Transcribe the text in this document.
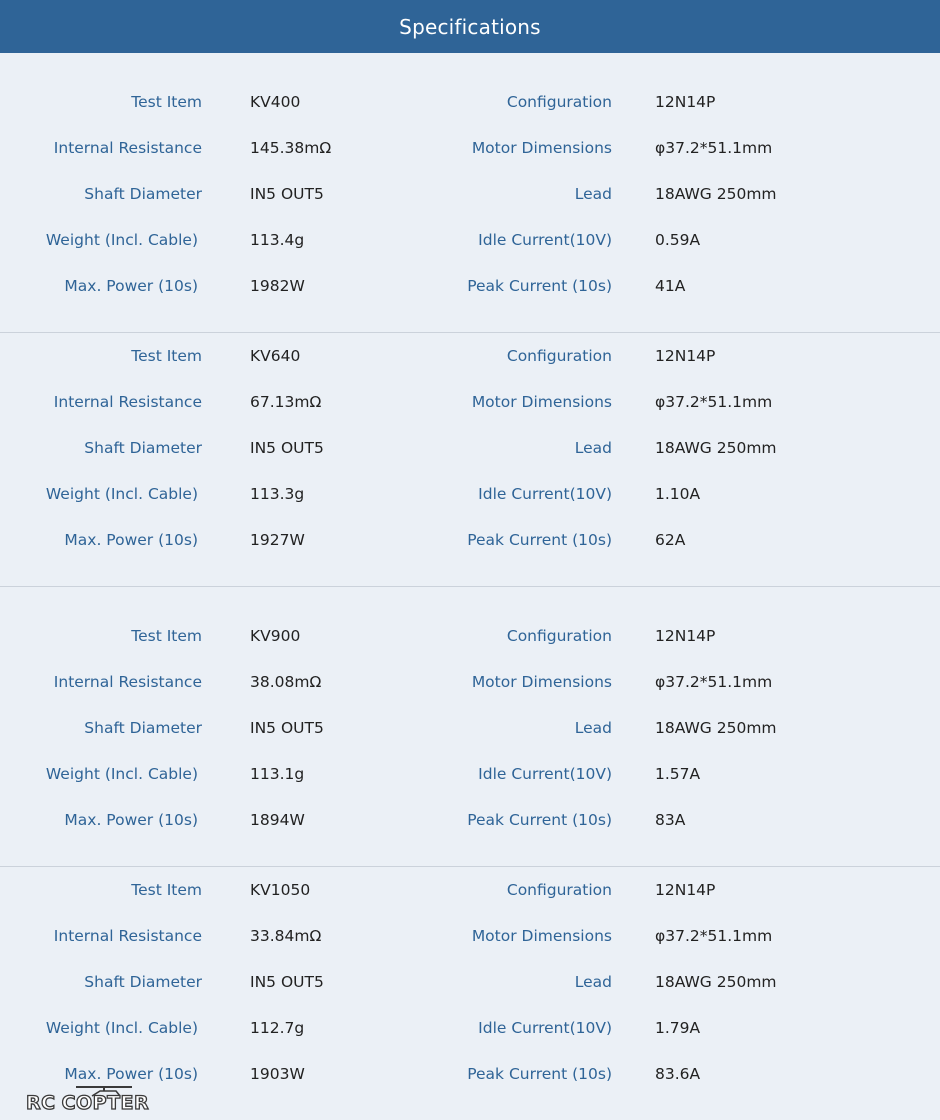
Specifications
Test Item	KV400	Configuration	12N14P
Internal Resistance	145.38mΩ	Motor Dimensions	φ37.2*51.1mm
Shaft Diameter	IN5 OUT5	Lead	18AWG 250mm
Weight (Incl. Cable)	113.4g	Idle Current(10V)	0.59A
Max. Power (10s)	1982W	Peak Current (10s)	41A
Test Item	KV640	Configuration	12N14P
Internal Resistance	67.13mΩ	Motor Dimensions	φ37.2*51.1mm
Shaft Diameter	IN5 OUT5	Lead	18AWG 250mm
Weight (Incl. Cable)	113.3g	Idle Current(10V)	1.10A
Max. Power (10s)	1927W	Peak Current (10s)	62A
Test Item	KV900	Configuration	12N14P
Internal Resistance	38.08mΩ	Motor Dimensions	φ37.2*51.1mm
Shaft Diameter	IN5 OUT5	Lead	18AWG 250mm
Weight (Incl. Cable)	113.1g	Idle Current(10V)	1.57A
Max. Power (10s)	1894W	Peak Current (10s)	83A
Test Item	KV1050	Configuration	12N14P
Internal Resistance	33.84mΩ	Motor Dimensions	φ37.2*51.1mm
Shaft Diameter	IN5 OUT5	Lead	18AWG 250mm
Weight (Incl. Cable)	112.7g	Idle Current(10V)	1.79A
Max. Power (10s)	1903W	Peak Current (10s)	83.6A
RC COPTER
